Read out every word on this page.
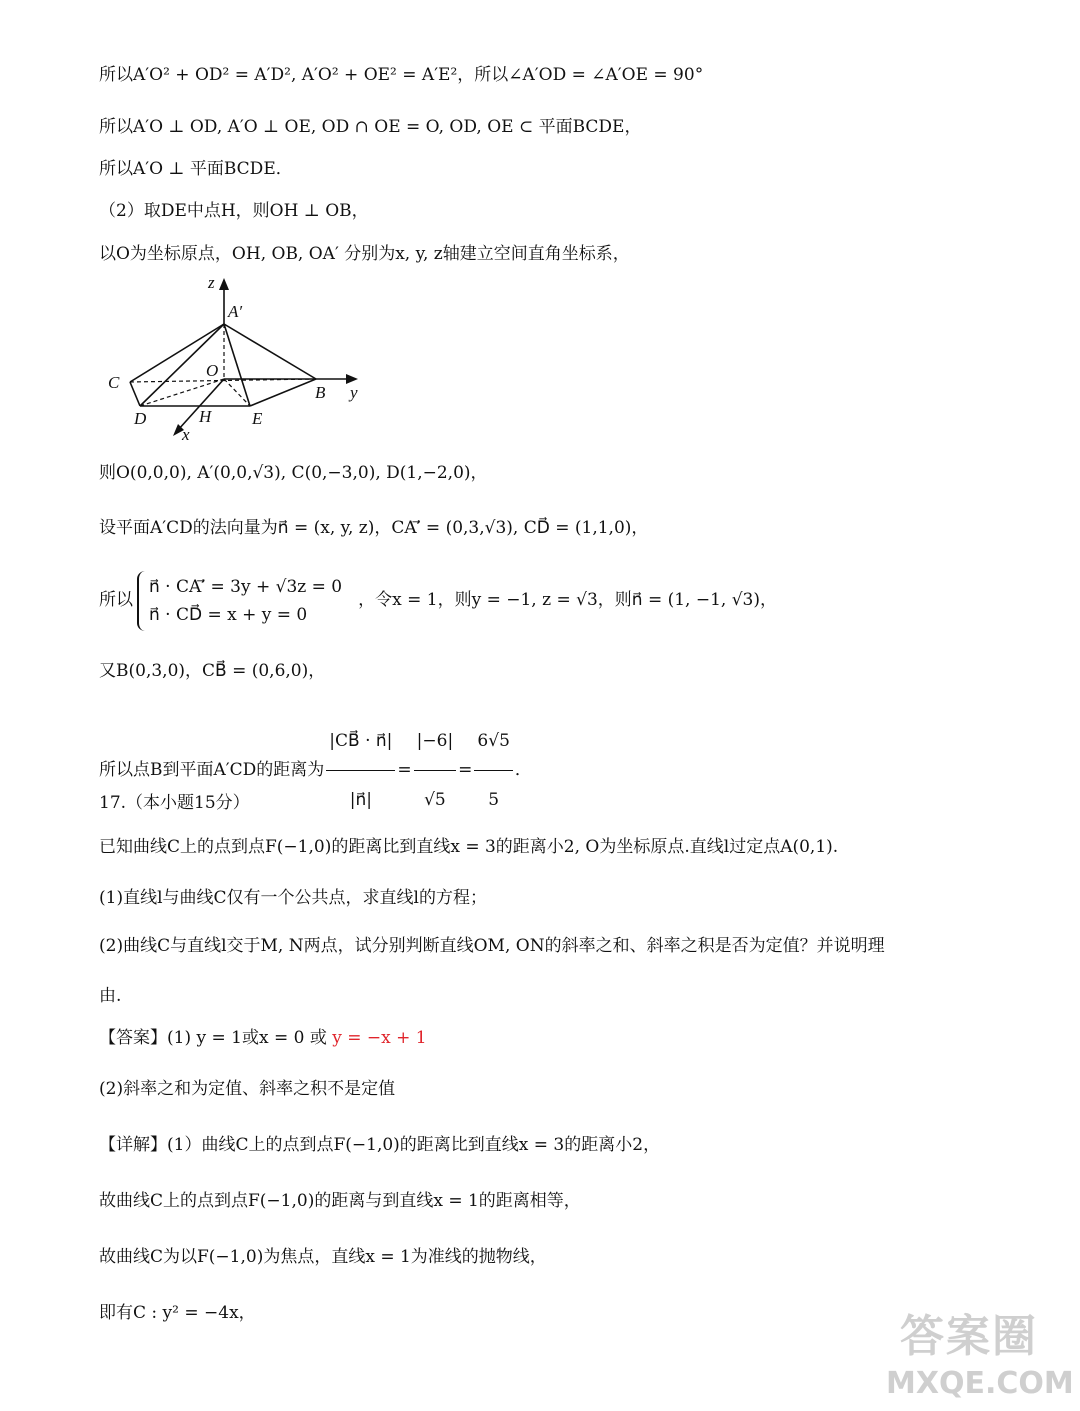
所以A′O² + OD² = A′D², A′O² + OE² = A′E²，所以∠A′OD = ∠A′OE = 90°
所以A′O ⊥ OD, A′O ⊥ OE, OD ∩ OE = O, OD, OE ⊂ 平面BCDE，
所以A′O ⊥ 平面BCDE．
（2）取DE中点H，则OH ⊥ OB，
以O为坐标原点，OH, OB, OA′ 分别为x, y, z轴建立空间直角坐标系，
z
A′
C
O
B y
D	H E
x
则O(0,0,0), A′(0,0,√3), C(0,−3,0), D(1,−2,0)，
设平面A′CD的法向量为n⃗ = (x, y, z)，CA′⃗ = (0,3,√3), CD⃗ = (1,1,0)，
所以
n⃗ · CA′⃗ = 3y + √3z = 0
n⃗ · CD⃗ = x + y = 0
，令x = 1，则y = −1, z = √3，则n⃗ = (1, −1, √3)，
又B(0,3,0)，CB⃗ = (0,6,0)，
所以点B到平面A′CD的距离为 $\frac{|CB⃗ \cdot n⃗|}{|n⃗|} = \frac{|-6|}{√5} = \frac{6√5}{5}$ ．
17.（本小题15分）
已知曲线C上的点到点F(−1,0)的距离比到直线x = 3的距离小2, O为坐标原点.直线l过定点A(0,1).
(1)直线l与曲线C仅有一个公共点，求直线l的方程；
(2)曲线C与直线l交于M, N两点，试分别判断直线OM, ON的斜率之和、斜率之积是否为定值？并说明理
由.
【答案】(1) y = 1或x = 0 或 y = −x + 1
(2)斜率之和为定值、斜率之积不是定值
【详解】(1）曲线C上的点到点F(−1,0)的距离比到直线x = 3的距离小2，
故曲线C上的点到点F(−1,0)的距离与到直线x = 1的距离相等，
故曲线C为以F(−1,0)为焦点，直线x = 1为准线的抛物线，
即有C : y² = −4x，	答案圈
MXQE.COM
